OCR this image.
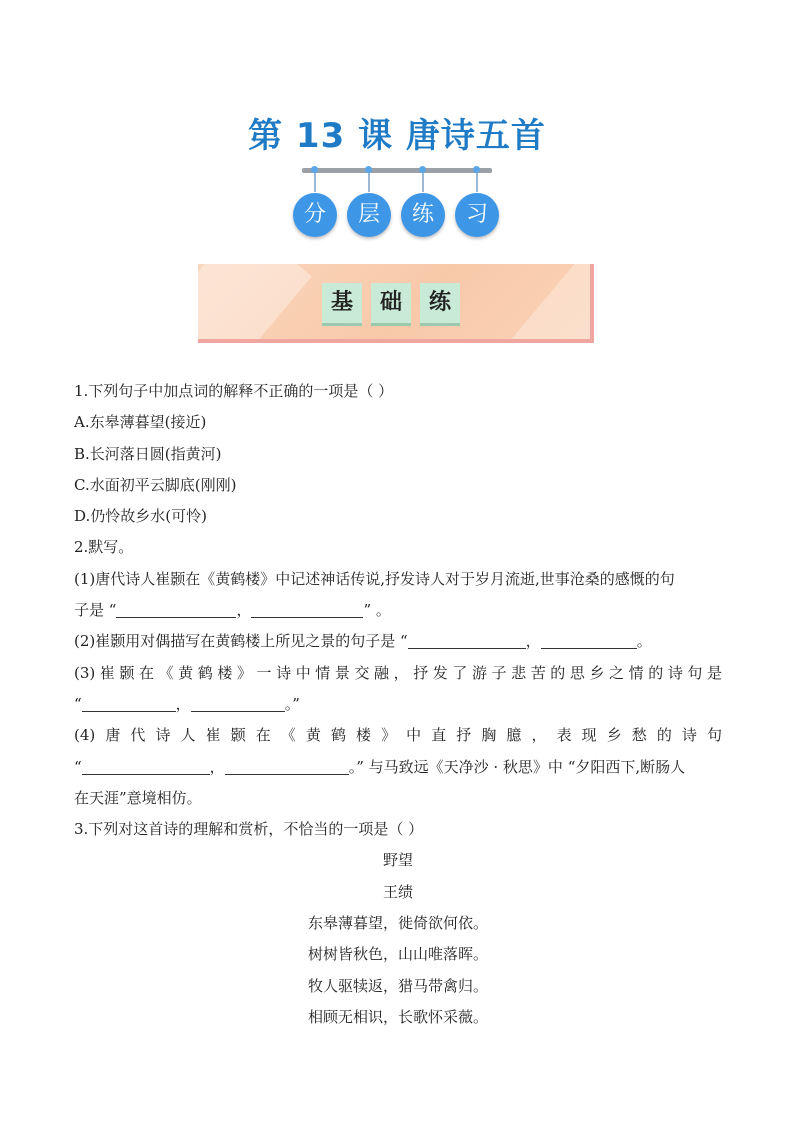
第 13 课 唐诗五首
分	层	练	习
基	础	练
1.下列句子中加点词的解释不正确的一项是（ ）
A.东皋薄暮望(接近)
B.长河落日圆(指黄河)
C.水面初平云脚底(刚刚)
D.仍怜故乡水(可怜)
2.默写。
(1)唐代诗人崔颢在《黄鹤楼》中记述神话传说,抒发诗人对于岁月流逝,世事沧桑的感慨的句
子是 “	，	” 。
(2)崔颢用对偶描写在黄鹤楼上所见之景的句子是 “	，	。
(3)崔颢在《黄鹤楼》一诗中情景交融，抒发了游子悲苦的思乡之情的诗句是
“	，	。”
(4)唐代诗人崔颢在《黄鹤楼》中直抒胸臆，表现乡愁的诗句
“	，	。” 与马致远《天净沙 · 秋思》中 “夕阳西下,断肠人
在天涯”意境相仿。
3.下列对这首诗的理解和赏析，不恰当的一项是（ ）
野望
王绩
东皋薄暮望，徙倚欲何依。
树树皆秋色，山山唯落晖。
牧人驱犊返，猎马带禽归。
相顾无相识，长歌怀采薇。
